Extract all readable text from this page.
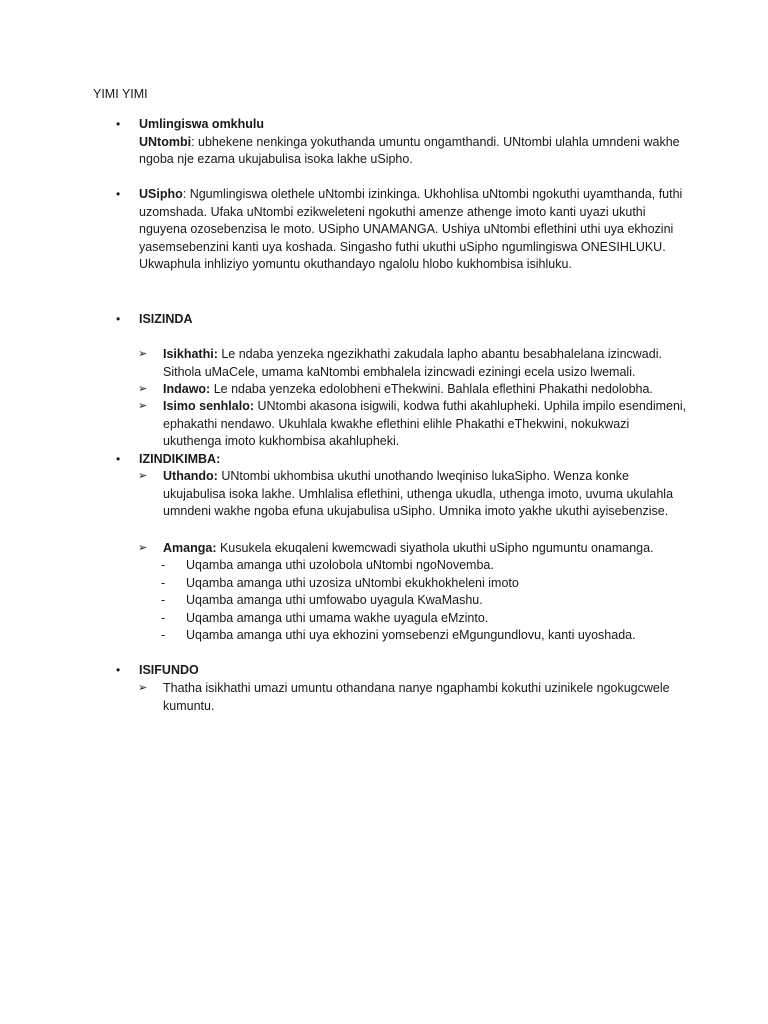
YIMI YIMI
• Umlingiswa omkhulu

UNtombi: ubhekene nenkinga yokuthanda umuntu ongamthandi. UNtombi ulahla umndeni wakhe ngoba nje ezama ukujabulisa isoka lakhe uSipho.

• USipho: Ngumlingiswa olethele uNtombi izinkinga. Ukhohlisa uNtombi ngokuthi uyamthanda, futhi uzomshada. Ufaka uNtombi ezikweleteni ngokuthi amenze athenge imoto kanti uyazi ukuthi nguyena ozosebenzisa le moto. USipho UNAMANGA. Ushiya uNtombi eflethini uthi uya ekhozini yasemsebenzini kanti uya koshada. Singasho futhi ukuthi uSipho ngumlingiswa ONESIHLUKU. Ukwaphula inhliziyo yomuntu okuthandayo ngalolu hlobo kukhombisa isihluku.

• ISIZINDA

➢ Isikhathi: Le ndaba yenzeka ngezikhathi zakudala lapho abantu besabhalelana izincwadi. Sithola uMaCele, umama kaNtombi embhalela izincwadi eziningi ecela usizo lwemali.

➢ Indawo: Le ndaba yenzeka edolobheni eThekwini. Bahlala eflethini Phakathi nedolobha.

➢ Isimo senhlalo: UNtombi akasona isigwili, kodwa futhi akahlupheki. Uphila impilo esendimeni, ephakathi nendawo. Ukuhlala kwakhe eflethini elihle Phakathi eThekwini, nokukwazi ukuthenga imoto kukhombisa akahlupheki.

• IZINDIKIMBA:

➢ Uthando: UNtombi ukhombisa ukuthi unothando lweqiniso lukaSipho. Wenza konke ukujabulisa isoka lakhe. Umhlalisa eflethini, uthenga ukudla, uthenga imoto, uvuma ukulahla umndeni wakhe ngoba efuna ukujabulisa uSipho. Umnika imoto yakhe ukuthi ayisebenzise.

➢ Amanga: Kusukela ekuqaleni kwemcwadi siyathola ukuthi uSipho ngumuntu onamanga.

- Uqamba amanga uthi uzolobola uNtombi ngoNovemba.

- Uqamba amanga uthi uzosiza uNtombi ekukhokheleni imoto

- Uqamba amanga uthi umfowabo uyagula KwaMashu.

- Uqamba amanga uthi umama wakhe uyagula eMzinto.

- Uqamba amanga uthi uya ekhozini yomsebenzi eMgungundlovu, kanti uyoshada.

• ISIFUNDO

➢ Thatha isikhathi umazi umuntu othandana nanye ngaphambi kokuthi uzinikele ngokugcwele kumuntu.
